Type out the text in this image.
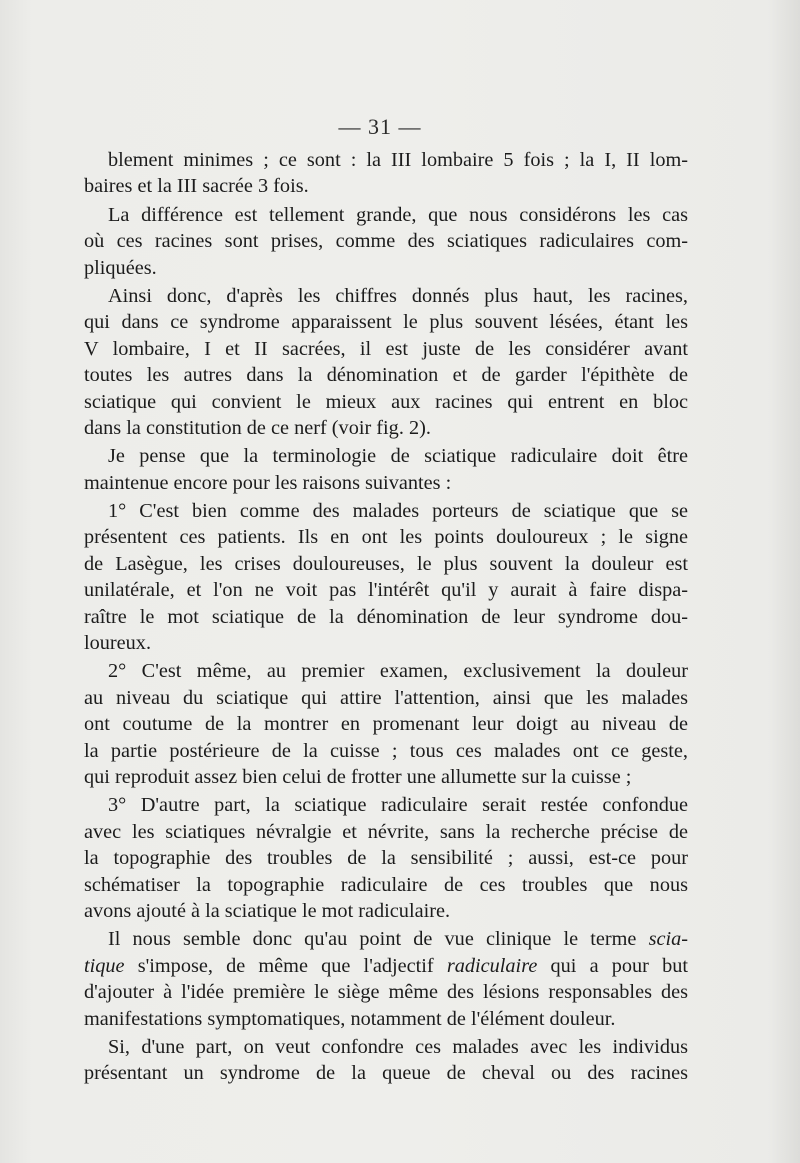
— 31 —
blement minimes ; ce sont : la III lombaire 5 fois ; la I, II lom-
baires et la III sacrée 3 fois.
La différence est tellement grande, que nous considérons les cas
où ces racines sont prises, comme des sciatiques radiculaires com-
pliquées.
Ainsi donc, d'après les chiffres donnés plus haut, les racines,
qui dans ce syndrome apparaissent le plus souvent lésées, étant les
V lombaire, I et II sacrées, il est juste de les considérer avant
toutes les autres dans la dénomination et de garder l'épithète de
sciatique qui convient le mieux aux racines qui entrent en bloc
dans la constitution de ce nerf (voir fig. 2).
Je pense que la terminologie de sciatique radiculaire doit être
maintenue encore pour les raisons suivantes :
1° C'est bien comme des malades porteurs de sciatique que se
présentent ces patients. Ils en ont les points douloureux ; le signe
de Lasègue, les crises douloureuses, le plus souvent la douleur est
unilatérale, et l'on ne voit pas l'intérêt qu'il y aurait à faire dispa-
raître le mot sciatique de la dénomination de leur syndrome dou-
loureux.
2° C'est même, au premier examen, exclusivement la douleur
au niveau du sciatique qui attire l'attention, ainsi que les malades
ont coutume de la montrer en promenant leur doigt au niveau de
la partie postérieure de la cuisse ; tous ces malades ont ce geste,
qui reproduit assez bien celui de frotter une allumette sur la cuisse ;
3° D'autre part, la sciatique radiculaire serait restée confondue
avec les sciatiques névralgie et névrite, sans la recherche précise de
la topographie des troubles de la sensibilité ; aussi, est-ce pour
schématiser la topographie radiculaire de ces troubles que nous
avons ajouté à la sciatique le mot radiculaire.
Il nous semble donc qu'au point de vue clinique le terme scia-
tique s'impose, de même que l'adjectif radiculaire qui a pour but
d'ajouter à l'idée première le siège même des lésions responsables des
manifestations symptomatiques, notamment de l'élément douleur.
Si, d'une part, on veut confondre ces malades avec les individus
présentant un syndrome de la queue de cheval ou des racines
